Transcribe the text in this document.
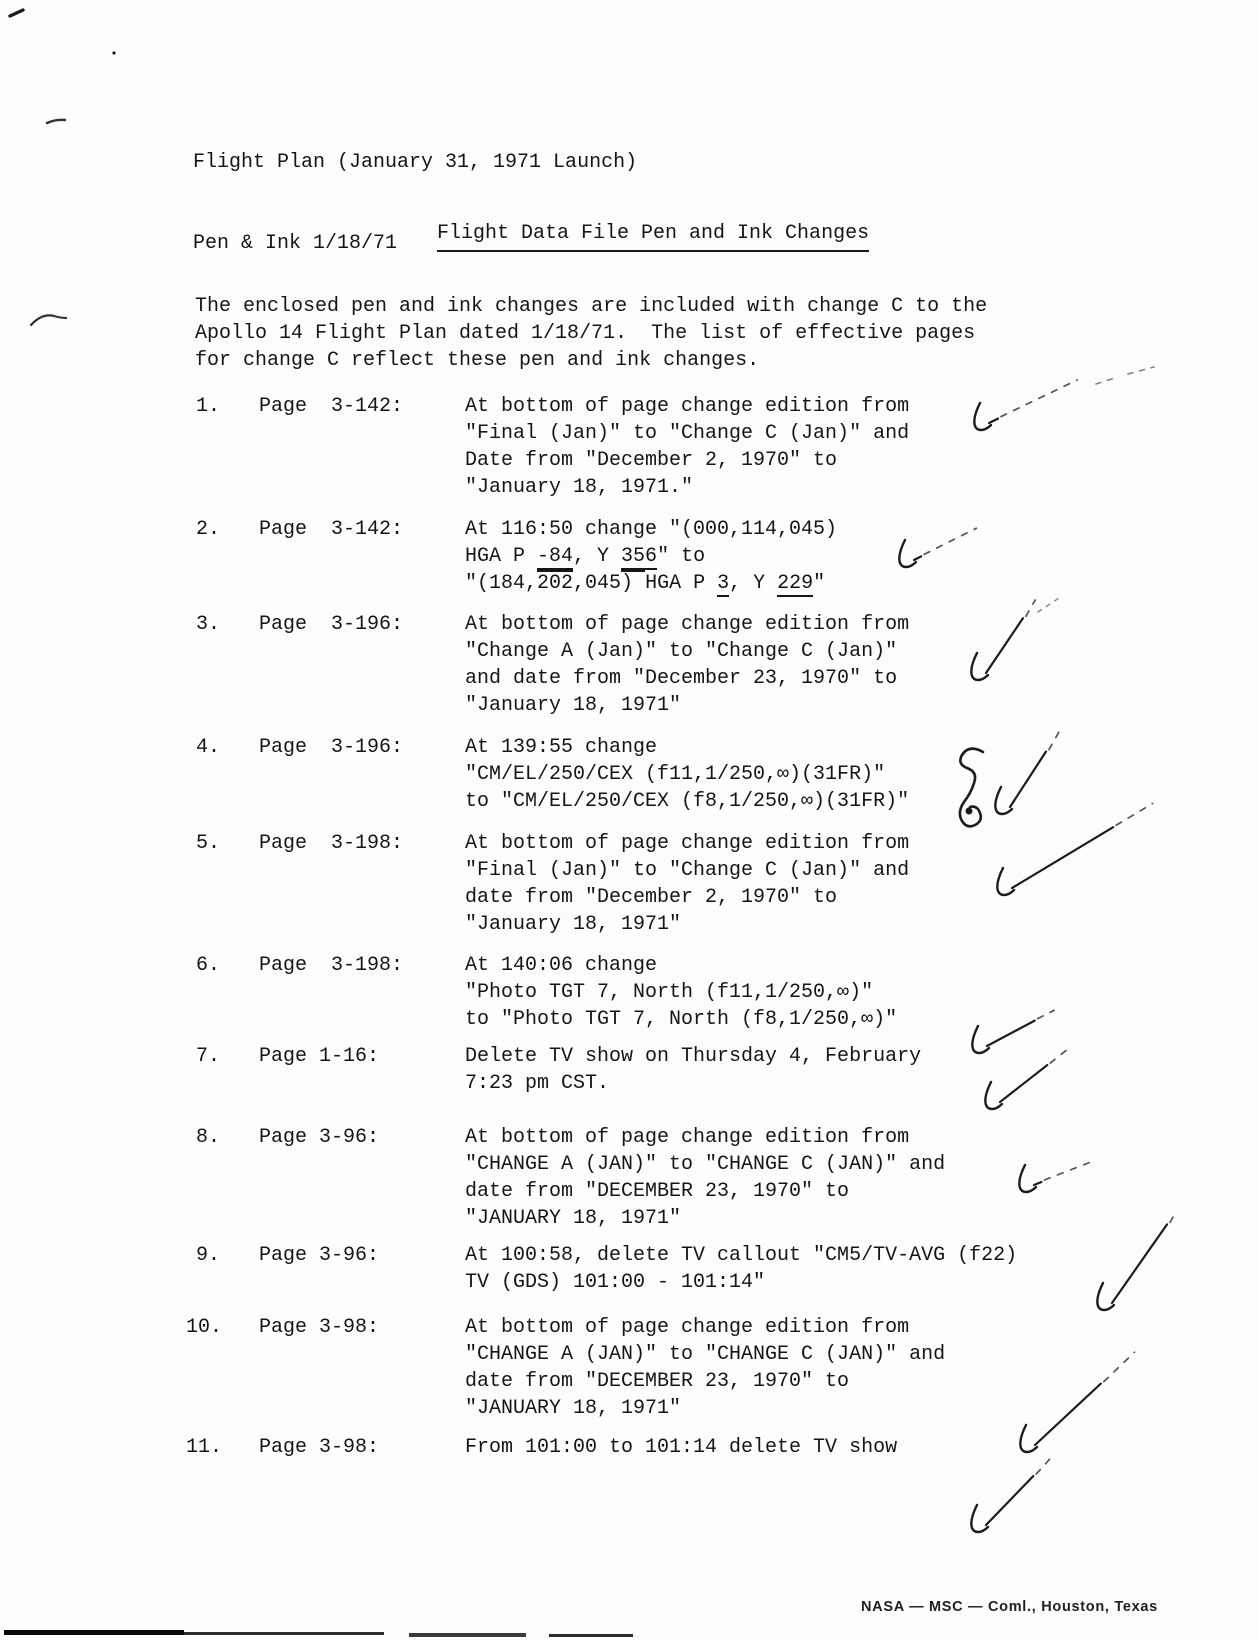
Flight Plan (January 31, 1971 Launch)

Pen & Ink 1/18/71

	Flight Data File Pen and Ink Changes
The enclosed pen and ink changes are included with change C to the
Apollo 14 Flight Plan dated 1/18/71.  The list of effective pages
for change C reflect these pen and ink changes.
1. Page  3-142:	At bottom of page change edition from
"Final (Jan)" to "Change C (Jan)" and
Date from "December 2, 1970" to
"January 18, 1971."
2. Page  3-142:	At 116:50 change "(000,114,045)
HGA P -84, Y 356" to
"(184,202,045) HGA P 3, Y 229"
3. Page  3-196:	At bottom of page change edition from
"Change A (Jan)" to "Change C (Jan)"
and date from "December 23, 1970" to
"January 18, 1971"
4. Page  3-196:	At 139:55 change
"CM/EL/250/CEX (f11,1/250,∞)(31FR)"
to "CM/EL/250/CEX (f8,1/250,∞)(31FR)"
5. Page  3-198:	At bottom of page change edition from
"Final (Jan)" to "Change C (Jan)" and
date from "December 2, 1970" to
"January 18, 1971"
6. Page  3-198:	At 140:06 change
"Photo TGT 7, North (f11,1/250,∞)"
to "Photo TGT 7, North (f8,1/250,∞)"
7. Page 1-16:	Delete TV show on Thursday 4, February
7:23 pm CST.
8. Page 3-96:	At bottom of page change edition from
"CHANGE A (JAN)" to "CHANGE C (JAN)" and
date from "DECEMBER 23, 1970" to
"JANUARY 18, 1971"
9. Page 3-96:	At 100:58, delete TV callout "CM5/TV-AVG (f22)
TV (GDS) 101:00 - 101:14"
10. Page 3-98:	At bottom of page change edition from
"CHANGE A (JAN)" to "CHANGE C (JAN)" and
date from "DECEMBER 23, 1970" to
"JANUARY 18, 1971"
11. Page 3-98:	From 101:00 to 101:14 delete TV show
NASA — MSC — Coml., Houston, Texas
